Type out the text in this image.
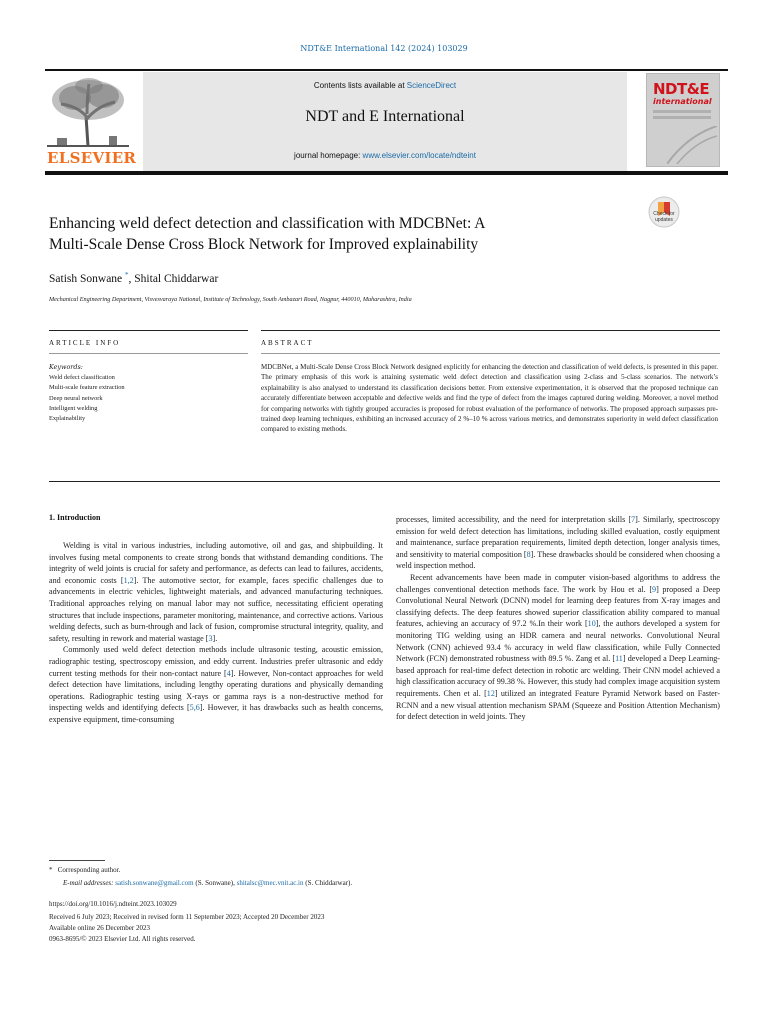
NDT&E International 142 (2024) 103029
ELSEVIER
Contents lists available at ScienceDirect
NDT and E International
journal homepage: www.elsevier.com/locate/ndteint
NDT&E
international
Check for
updates
Enhancing weld defect detection and classification with MDCBNet: A
Multi-Scale Dense Cross Block Network for Improved explainability
Satish Sonwane *, Shital Chiddarwar
Mechanical Engineering Department, Visvesvaraya National, Institute of Technology, South Ambazari Road, Nagpur, 440010, Maharashtra, India
ARTICLE INFO	ABSTRACT
Keywords:
Weld defect classification
Multi-scale feature extraction
Deep neural network
Intelligent welding
Explainability
MDCBNet, a Multi-Scale Dense Cross Block Network designed explicitly for enhancing the detection and classification of weld defects, is presented in this paper. The primary emphasis of this work is attaining systematic weld defect detection and classification using 2-class and 5-class scenarios. The network’s explainability is also analysed to understand its classification decisions better. From extensive experimentation, it is observed that the proposed technique can accurately differentiate between acceptable and defective welds and find the type of defect from the images captured during welding. Moreover, a novel method for comparing networks with tightly grouped accuracies is proposed for robust evaluation of the performance of networks. The proposed approach surpasses pre-trained deep learning techniques, exhibiting an increased accuracy of 2 %–10 % across various metrics, and demonstrates superiority in weld defect classification compared to existing methods.
1. Introduction

Welding is vital in various industries, including automotive, oil and gas, and shipbuilding. It involves fusing metal components to create strong bonds that withstand demanding conditions. The integrity of weld joints is crucial for safety and performance, as defects can lead to failures, accidents, and economic costs [1,2]. The automotive sector, for example, faces specific challenges due to advancements in electric vehicles, lightweight materials, and advanced manufacturing techniques. Traditional approaches relying on manual labor may not suffice, necessitating efficient operating structures that include inspections, parameter monitoring, maintenance, and corrective actions. Various welding defects, such as burn-through and lack of fusion, compromise structural integrity, quality, and safety, resulting in rework and material wastage [3].

Commonly used weld defect detection methods include ultrasonic testing, acoustic emission, radiographic testing, spectroscopy emission, and eddy current. Industries prefer ultrasonic and eddy current testing methods for their non-contact nature [4]. However, Non-contact approaches for weld defect detection have limitations, including lengthy operating durations and physically demanding operations. Radiographic testing using X-rays or gamma rays is a non-destructive method for inspecting welds and identifying defects [5,6]. However, it has drawbacks such as health concerns, expensive equipment, time-consuming

processes, limited accessibility, and the need for interpretation skills [7]. Similarly, spectroscopy emission for weld defect detection has limitations, including skilled evaluation, costly equipment and maintenance, surface preparation requirements, limited depth detection, longer analysis times, and sensitivity to material composition [8]. These drawbacks should be considered when choosing a weld inspection method.

Recent advancements have been made in computer vision-based algorithms to address the challenges conventional detection methods face. The work by Hou et al. [9] proposed a Deep Convolutional Neural Network (DCNN) model for learning deep features from X-ray images and classifying defects. The deep features showed superior classification ability compared to manual features, achieving an accuracy of 97.2 %.In their work [10], the authors developed a system for monitoring TIG welding using an HDR camera and neural networks. Convolutional Neural Network (CNN) achieved 93.4 % accuracy in weld flaw classification, while Fully Connected Network (FCN) demonstrated robustness with 89.5 %. Zang et al. [11] developed a Deep Learning-based approach for real-time defect detection in robotic arc welding. Their CNN model achieved a high classification accuracy of 99.38 %. However, this study had complex image acquisition system requirements. Chen et al. [12] utilized an integrated Feature Pyramid Network based on Faster-RCNN and a new visual attention mechanism SPAM (Squeeze and Position Attention Mechanism) for defect detection in weld joints. They

* Corresponding author.
E-mail addresses: satish.sonwane@gmail.com (S. Sonwane), shitalsc@mec.vnit.ac.in (S. Chiddarwar).
https://doi.org/10.1016/j.ndteint.2023.103029
Received 6 July 2023; Received in revised form 11 September 2023; Accepted 20 December 2023
Available online 26 December 2023
0963-8695/© 2023 Elsevier Ltd. All rights reserved.
